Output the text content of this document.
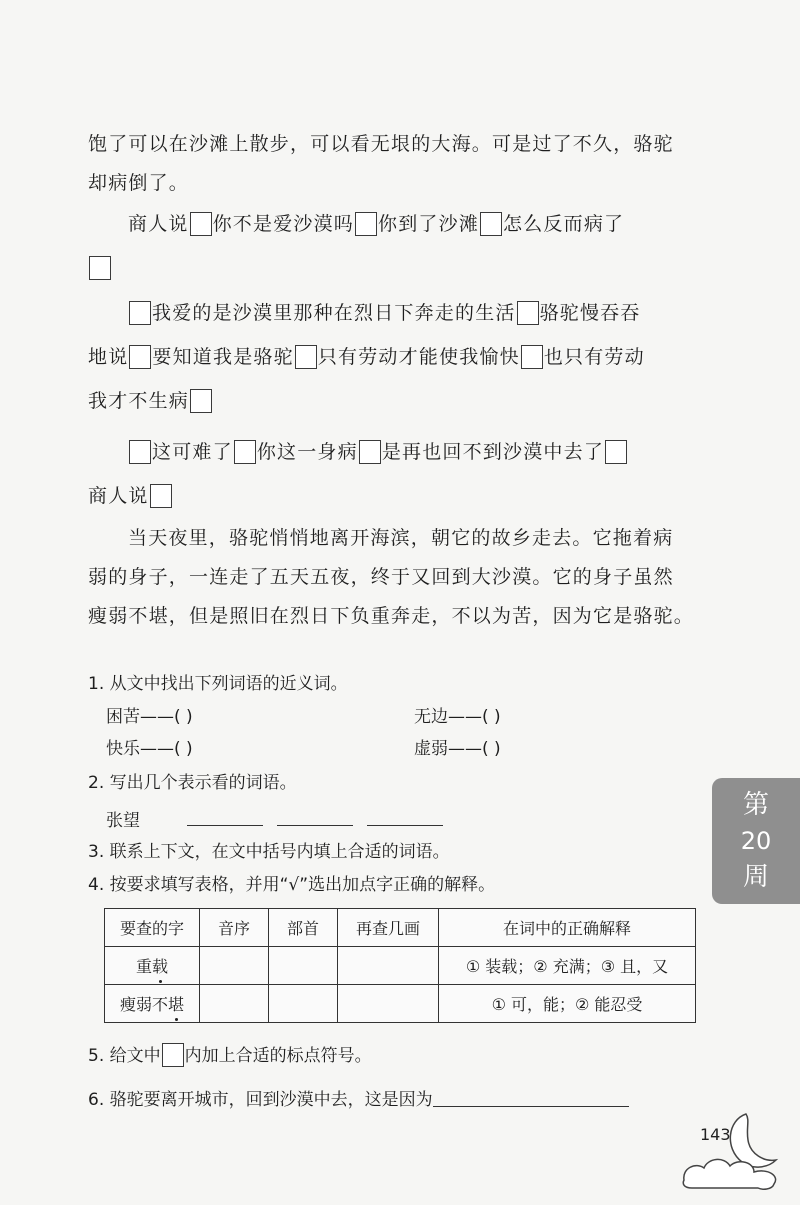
饱了可以在沙滩上散步，可以看无垠的大海。可是过了不久，骆驼
却病倒了。
商人说 你不是爱沙漠吗 你到了沙滩 怎么反而病了
我爱的是沙漠里那种在烈日下奔走的生活 骆驼慢吞吞
地说 要知道我是骆驼 只有劳动才能使我愉快 也只有劳动
我才不生病
这可难了 你这一身病 是再也回不到沙漠中去了
商人说
当天夜里，骆驼悄悄地离开海滨，朝它的故乡走去。它拖着病
弱的身子，一连走了五天五夜，终于又回到大沙漠。它的身子虽然
瘦弱不堪，但是照旧在烈日下负重奔走，不以为苦，因为它是骆驼。
1. 从文中找出下列词语的近义词。
困苦——( )	无边——( )
快乐——( )	虚弱——( )
2. 写出几个表示看的词语。
张望
3. 联系上下文，在文中括号内填上合适的词语。
4. 按要求填写表格，并用“√”选出加点字正确的解释。
要查的字	音序	部首	再查几画	在词中的正确解释
重载				① 装载；② 充满；③ 且，又
瘦弱不堪				① 可，能；② 能忍受
5. 给文中 内加上合适的标点符号。
6. 骆驼要离开城市，回到沙漠中去，这是因为
第
20
周
143
